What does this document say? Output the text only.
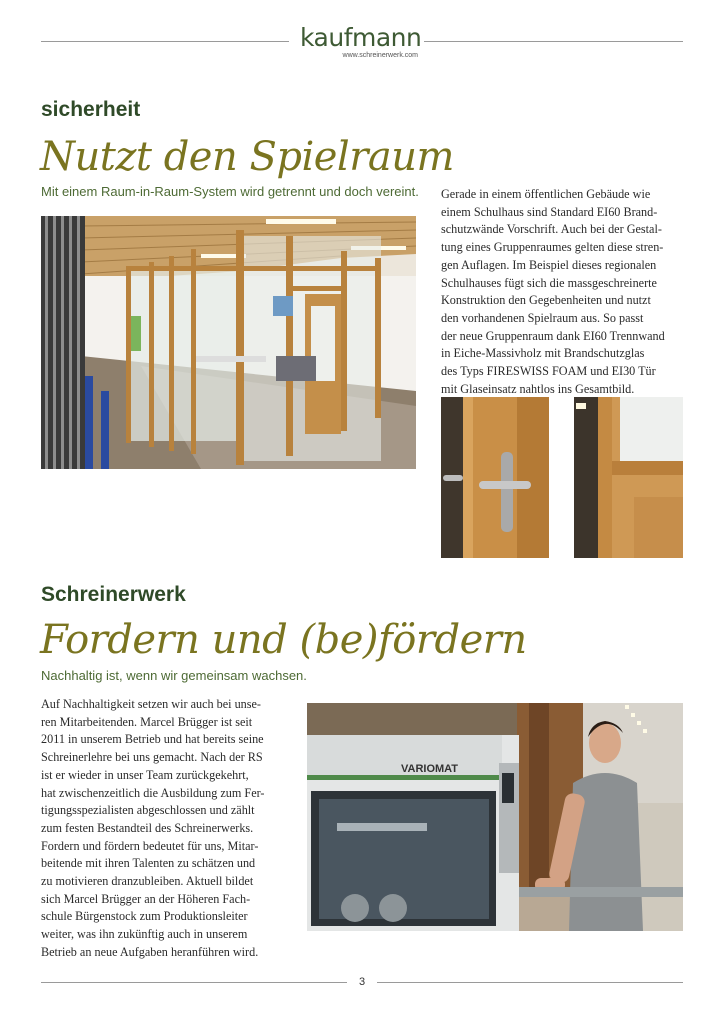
kaufmann
www.schreinerwerk.com
sicherheit
Nutzt den Spielraum
Mit einem Raum-in-Raum-System wird getrennt und doch vereint. Gerade in einem öffentlichen Gebäude wie

einem Schulhaus sind Standard EI60 Brand-

schutzwände Vorschrift. Auch bei der Gestal-

tung eines Gruppenraumes gelten diese stren-

gen Auflagen. Im Beispiel dieses regionalen

Schulhauses fügt sich die massgeschreinerte

Konstruktion den Gegebenheiten und nutzt

den vorhandenen Spielraum aus. So passt

der neue Gruppenraum dank EI60 Trennwand

in Eiche-Massivholz mit Brandschutzglas

des Typs FIRESWISS FOAM und EI30 Tür

mit Glaseinsatz nahtlos ins Gesamtbild.

Schreinerwerk
Fordern und (be)fördern
Nachhaltig ist, wenn wir gemeinsam wachsen.

Auf Nachhaltigkeit setzen wir auch bei unse-

ren Mitarbeitenden. Marcel Brügger ist seit

2011 in unserem Betrieb und hat bereits seine

Schreinerlehre bei uns gemacht. Nach der RS

ist er wieder in unser Team zurückgekehrt,

hat zwischenzeitlich die Ausbildung zum Fer-

tigungsspezialisten abgeschlossen und zählt

zum festen Bestandteil des Schreinerwerks.

Fordern und fördern bedeutet für uns, Mitar-

beitende mit ihren Talenten zu schätzen und

zu motivieren dranzubleiben. Aktuell bildet

sich Marcel Brügger an der Höheren Fach-

schule Bürgenstock zum Produktionsleiter

weiter, was ihn zukünftig auch in unserem

Betrieb an neue Aufgaben heranführen wird.

VARIOMAT
3
